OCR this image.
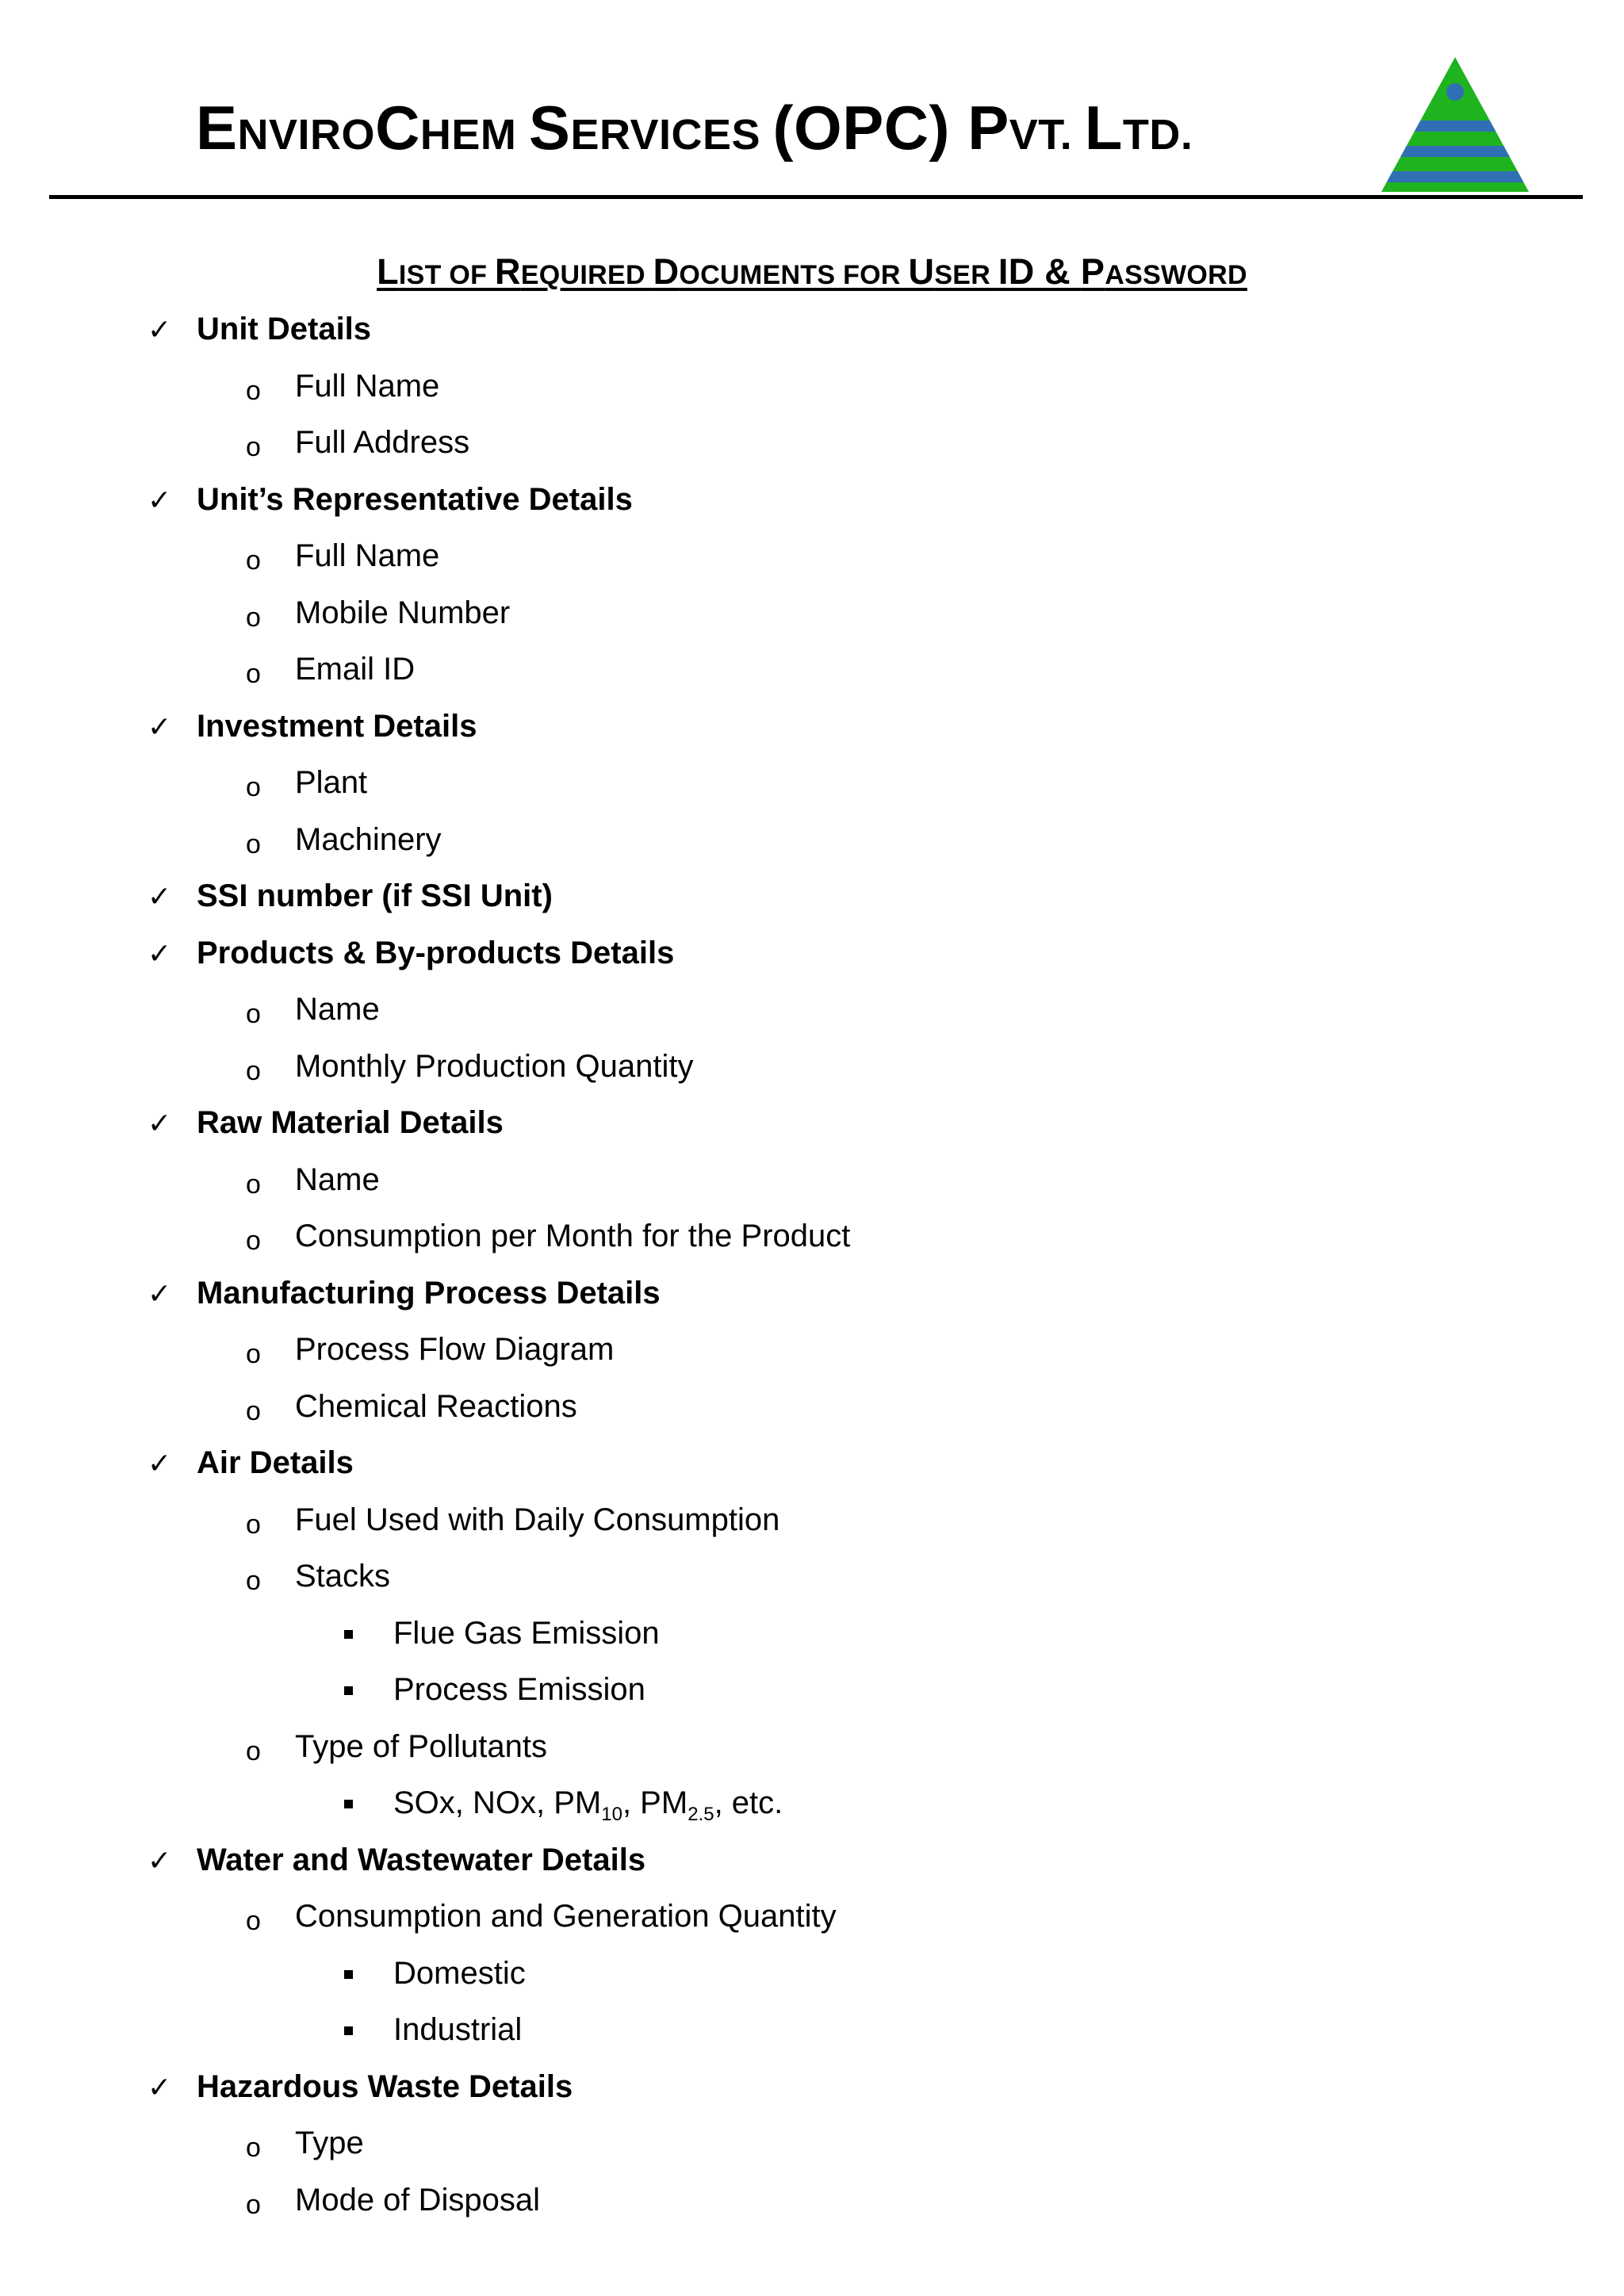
ENVIROCHEM SERVICES (OPC) PVT. LTD.
LIST OF REQUIRED DOCUMENTS FOR USER ID & PASSWORD
✓ Unit Details
o Full Name
o Full Address
✓ Unit’s Representative Details
o Full Name
o Mobile Number
o Email ID
✓ Investment Details
o Plant
o Machinery
✓ SSI number (if SSI Unit)
✓ Products & By-products Details
o Name
o Monthly Production Quantity
✓ Raw Material Details
o Name
o Consumption per Month for the Product
✓ Manufacturing Process Details
o Process Flow Diagram
o Chemical Reactions
✓ Air Details
o Fuel Used with Daily Consumption
o Stacks
Flue Gas Emission
Process Emission
o Type of Pollutants
SOx, NOx, $PM_{10}$, $PM_{2.5}$, etc.
✓ Water and Wastewater Details
o Consumption and Generation Quantity
Domestic
Industrial
✓ Hazardous Waste Details
o Type
o Mode of Disposal
